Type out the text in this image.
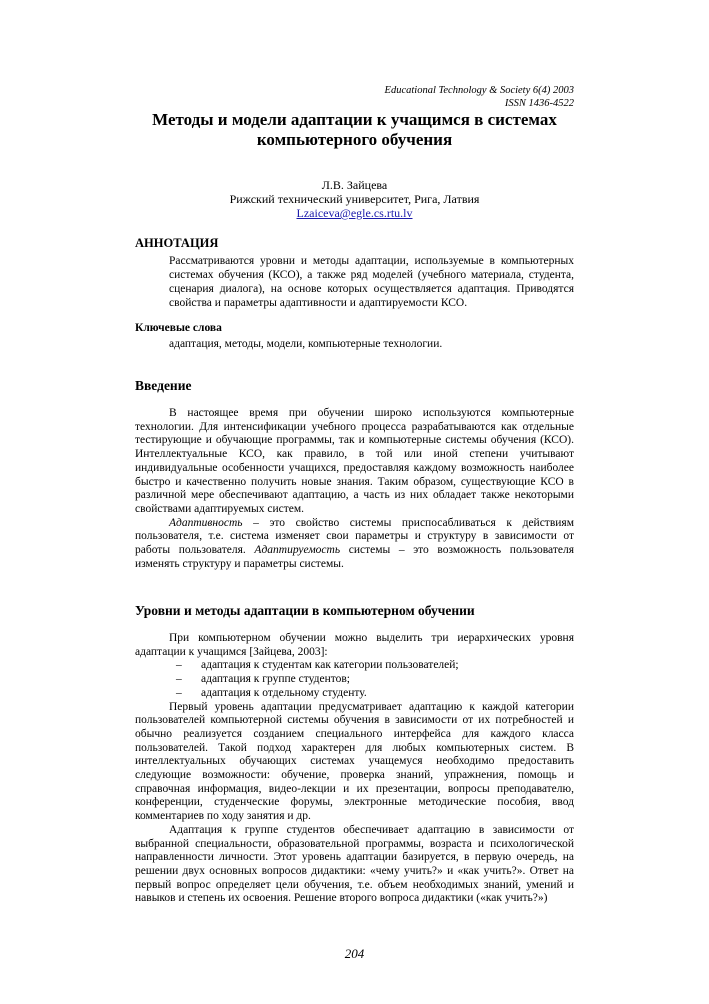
Educational Technology & Society 6(4) 2003
ISSN 1436-4522
Методы и модели адаптации к учащимся в системах
компьютерного обучения
Л.В. Зайцева
Рижский технический университет, Рига, Латвия
Lzaiceva@egle.cs.rtu.lv
АННОТАЦИЯ
Рассматриваются уровни и методы адаптации, используемые в компьютерных системах обучения (КСО), а также ряд моделей (учебного материала, студента, сценария диалога), на основе которых осуществляется адаптация. Приводятся свойства и параметры адаптивности и адаптируемости КСО.
Ключевые слова
адаптация, методы, модели, компьютерные технологии.
Введение

В настоящее время при обучении широко используются компьютерные технологии. Для интенсификации учебного процесса разрабатываются как отдельные тестирующие и обучающие программы, так и компьютерные системы обучения (КСО). Интеллектуальные КСО, как правило, в той или иной степени учитывают индивидуальные особенности учащихся, предоставляя каждому возможность наиболее быстро и качественно получить новые знания. Таким образом, существующие КСО в различной мере обеспечивают адаптацию, а часть из них обладает также некоторыми свойствами адаптируемых систем.

Адаптивность – это свойство системы приспосабливаться к действиям пользователя, т.е. система изменяет свои параметры и структуру в зависимости от работы пользователя. Адаптируемость системы – это возможность пользователя изменять структуру и параметры системы.

Уровни и методы адаптации в компьютерном обучении

При компьютерном обучении можно выделить три иерархических уровня адаптации к учащимся [Зайцева, 2003]:

– адаптация к студентам как категории пользователей;
– адаптация к группе студентов;
– адаптация к отдельному студенту.

Первый уровень адаптации предусматривает адаптацию к каждой категории пользователей компьютерной системы обучения в зависимости от их потребностей и обычно реализуется созданием специального интерфейса для каждого класса пользователей. Такой подход характерен для любых компьютерных систем. В интеллектуальных обучающих системах учащемуся необходимо предоставить следующие возможности: обучение, проверка знаний, упражнения, помощь и справочная информация, видео-лекции и их презентации, вопросы преподавателю, конференции, студенческие форумы, электронные методические пособия, ввод комментариев по ходу занятия и др.

Адаптация к группе студентов обеспечивает адаптацию в зависимости от выбранной специальности, образовательной программы, возраста и психологической направленности личности. Этот уровень адаптации базируется, в первую очередь, на решении двух основных вопросов дидактики: «чему учить?» и «как учить?». Ответ на первый вопрос определяет цели обучения, т.е. объем необходимых знаний, умений и навыков и степень их освоения. Решение второго вопроса дидактики («как учить?»)

204
